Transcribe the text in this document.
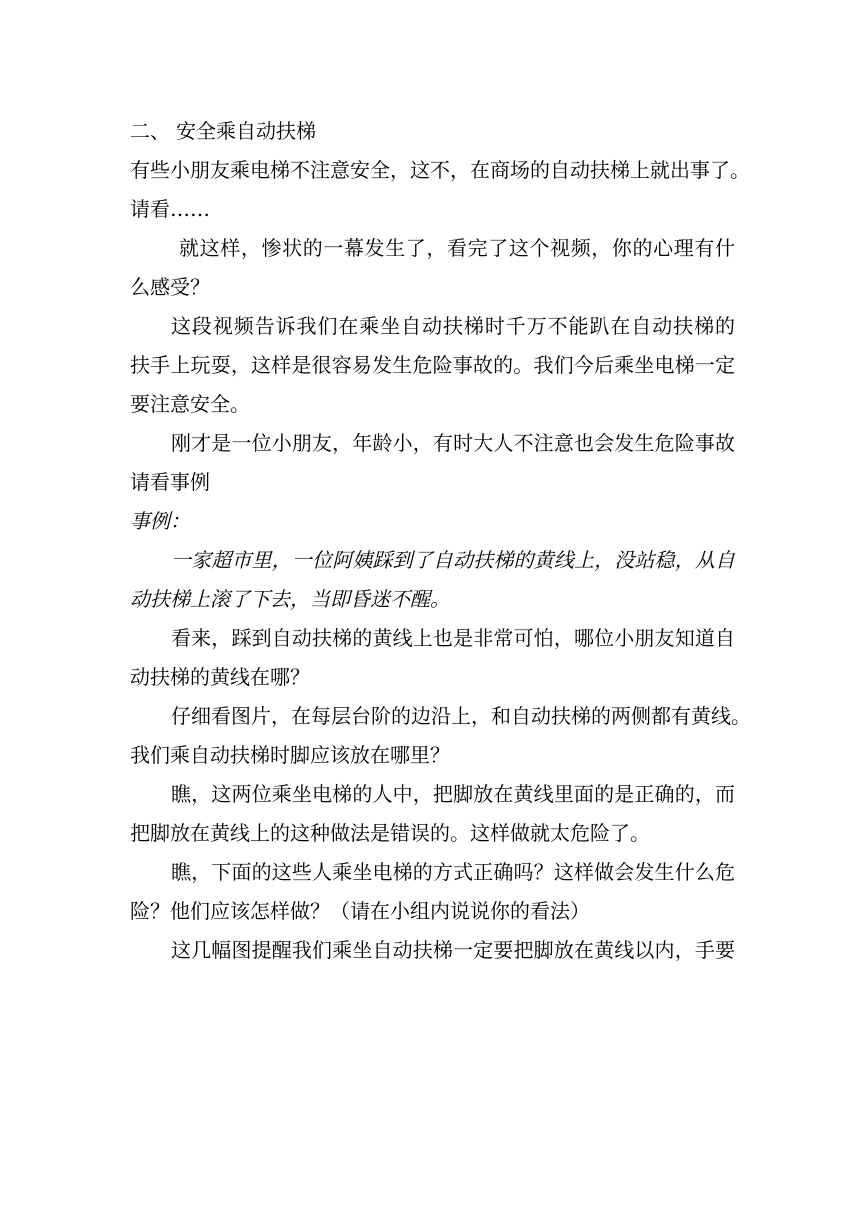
二、 安全乘自动扶梯
有些小朋友乘电梯不注意安全，这不，在商场的自动扶梯上就出事了。
请看……
就这样，惨状的一幕发生了，看完了这个视频，你的心理有什
么感受？
这段视频告诉我们在乘坐自动扶梯时千万不能趴在自动扶梯的
扶手上玩耍，这样是很容易发生危险事故的。我们今后乘坐电梯一定
要注意安全。
刚才是一位小朋友，年龄小，有时大人不注意也会发生危险事故
请看事例
事例：
一家超市里，一位阿姨踩到了自动扶梯的黄线上，没站稳，从自
动扶梯上滚了下去，当即昏迷不醒。
看来，踩到自动扶梯的黄线上也是非常可怕，哪位小朋友知道自
动扶梯的黄线在哪？
仔细看图片，在每层台阶的边沿上，和自动扶梯的两侧都有黄线。
我们乘自动扶梯时脚应该放在哪里？
瞧，这两位乘坐电梯的人中，把脚放在黄线里面的是正确的，而
把脚放在黄线上的这种做法是错误的。这样做就太危险了。
瞧，下面的这些人乘坐电梯的方式正确吗？这样做会发生什么危
险？他们应该怎样做？（请在小组内说说你的看法）
这几幅图提醒我们乘坐自动扶梯一定要把脚放在黄线以内，手要
